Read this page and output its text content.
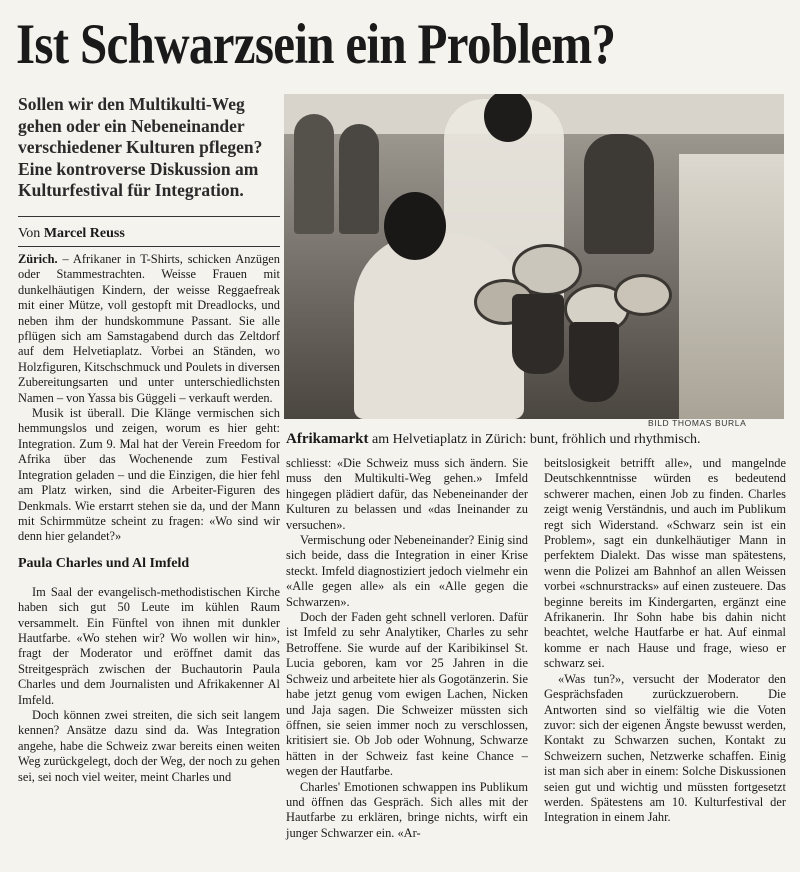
Ist Schwarzsein ein Problem?

Sollen wir den Multikulti-Weg gehen oder ein Nebeneinander verschiedener Kulturen pflegen? Eine kontroverse Diskussion am Kulturfestival für Integration.

Von Marcel Reuss

Zürich. – Afrikaner in T-Shirts, schicken Anzügen oder Stammestrachten. Weisse Frauen mit dunkelhäutigen Kindern, der weisse Reggaefreak mit einer Mütze, voll gestopft mit Dreadlocks, und neben ihm der hundskommune Passant. Sie alle pflügen sich am Samstagabend durch das Zeltdorf auf dem Helvetiaplatz. Vorbei an Ständen, wo Holzfiguren, Kitschschmuck und Poulets in diversen Zubereitungsarten und unter unterschiedlichsten Namen – von Yassa bis Güggeli – verkauft werden.

Musik ist überall. Die Klänge vermischen sich hemmungslos und zeigen, worum es hier geht: Integration. Zum 9. Mal hat der Verein Freedom for Afrika über das Wochenende zum Festival Integration geladen – und die Einzigen, die hier fehl am Platz wirken, sind die Arbeiter-Figuren des Denkmals. Wie erstarrt stehen sie da, und der Mann mit Schirmmütze scheint zu fragen: «Wo sind wir denn hier gelandet?»

Paula Charles und Al Imfeld

Im Saal der evangelisch-methodistischen Kirche haben sich gut 50 Leute im kühlen Raum versammelt. Ein Fünftel von ihnen mit dunkler Hautfarbe. «Wo stehen wir? Wo wollen wir hin», fragt der Moderator und eröffnet damit das Streitgespräch zwischen der Buchautorin Paula Charles und dem Journalisten und Afrikakenner Al Imfeld.

Doch können zwei streiten, die sich seit langem kennen? Ansätze dazu sind da. Was Integration angehe, habe die Schweiz zwar bereits einen weiten Weg zurückgelegt, doch der Weg, der noch zu gehen sei, sei noch viel weiter, meint Charles und

BILD THOMAS BURLA

Afrikamarkt am Helvetiaplatz in Zürich: bunt, fröhlich und rhythmisch.

schliesst: «Die Schweiz muss sich ändern. Sie muss den Multikulti-Weg gehen.» Imfeld hingegen plädiert dafür, das Nebeneinander der Kulturen zu belassen und «das Ineinander zu versuchen».

Vermischung oder Nebeneinander? Einig sind sich beide, dass die Integration in einer Krise steckt. Imfeld diagnostiziert jedoch vielmehr ein «Alle gegen alle» als ein «Alle gegen die Schwarzen».

Doch der Faden geht schnell verloren. Dafür ist Imfeld zu sehr Analytiker, Charles zu sehr Betroffene. Sie wurde auf der Karibikinsel St. Lucia geboren, kam vor 25 Jahren in die Schweiz und arbeitete hier als Gogotänzerin. Sie habe jetzt genug vom ewigen Lachen, Nicken und Jaja sagen. Die Schweizer müssten sich öffnen, sie seien immer noch zu verschlossen, kritisiert sie. Ob Job oder Wohnung, Schwarze hätten in der Schweiz fast keine Chance – wegen der Hautfarbe.

Charles' Emotionen schwappen ins Publikum und öffnen das Gespräch. Sich alles mit der Hautfarbe zu erklären, bringe nichts, wirft ein junger Schwarzer ein. «Ar-

beitslosigkeit betrifft alle», und mangelnde Deutschkenntnisse würden es bedeutend schwerer machen, einen Job zu finden. Charles zeigt wenig Verständnis, und auch im Publikum regt sich Widerstand. «Schwarz sein ist ein Problem», sagt ein dunkelhäutiger Mann in perfektem Dialekt. Das wisse man spätestens, wenn die Polizei am Bahnhof an allen Weissen vorbei «schnurstracks» auf einen zusteuere. Das beginne bereits im Kindergarten, ergänzt eine Afrikanerin. Ihr Sohn habe bis dahin nicht beachtet, welche Hautfarbe er hat. Auf einmal komme er nach Hause und frage, wieso er schwarz sei.

«Was tun?», versucht der Moderator den Gesprächsfaden zurückzuerobern. Die Antworten sind so vielfältig wie die Voten zuvor: sich der eigenen Ängste bewusst werden, Kontakt zu Schwarzen suchen, Kontakt zu Schweizern suchen, Netzwerke schaffen. Einig ist man sich aber in einem: Solche Diskussionen seien gut und wichtig und müssten fortgesetzt werden. Spätestens am 10. Kulturfestival der Integration in einem Jahr.
